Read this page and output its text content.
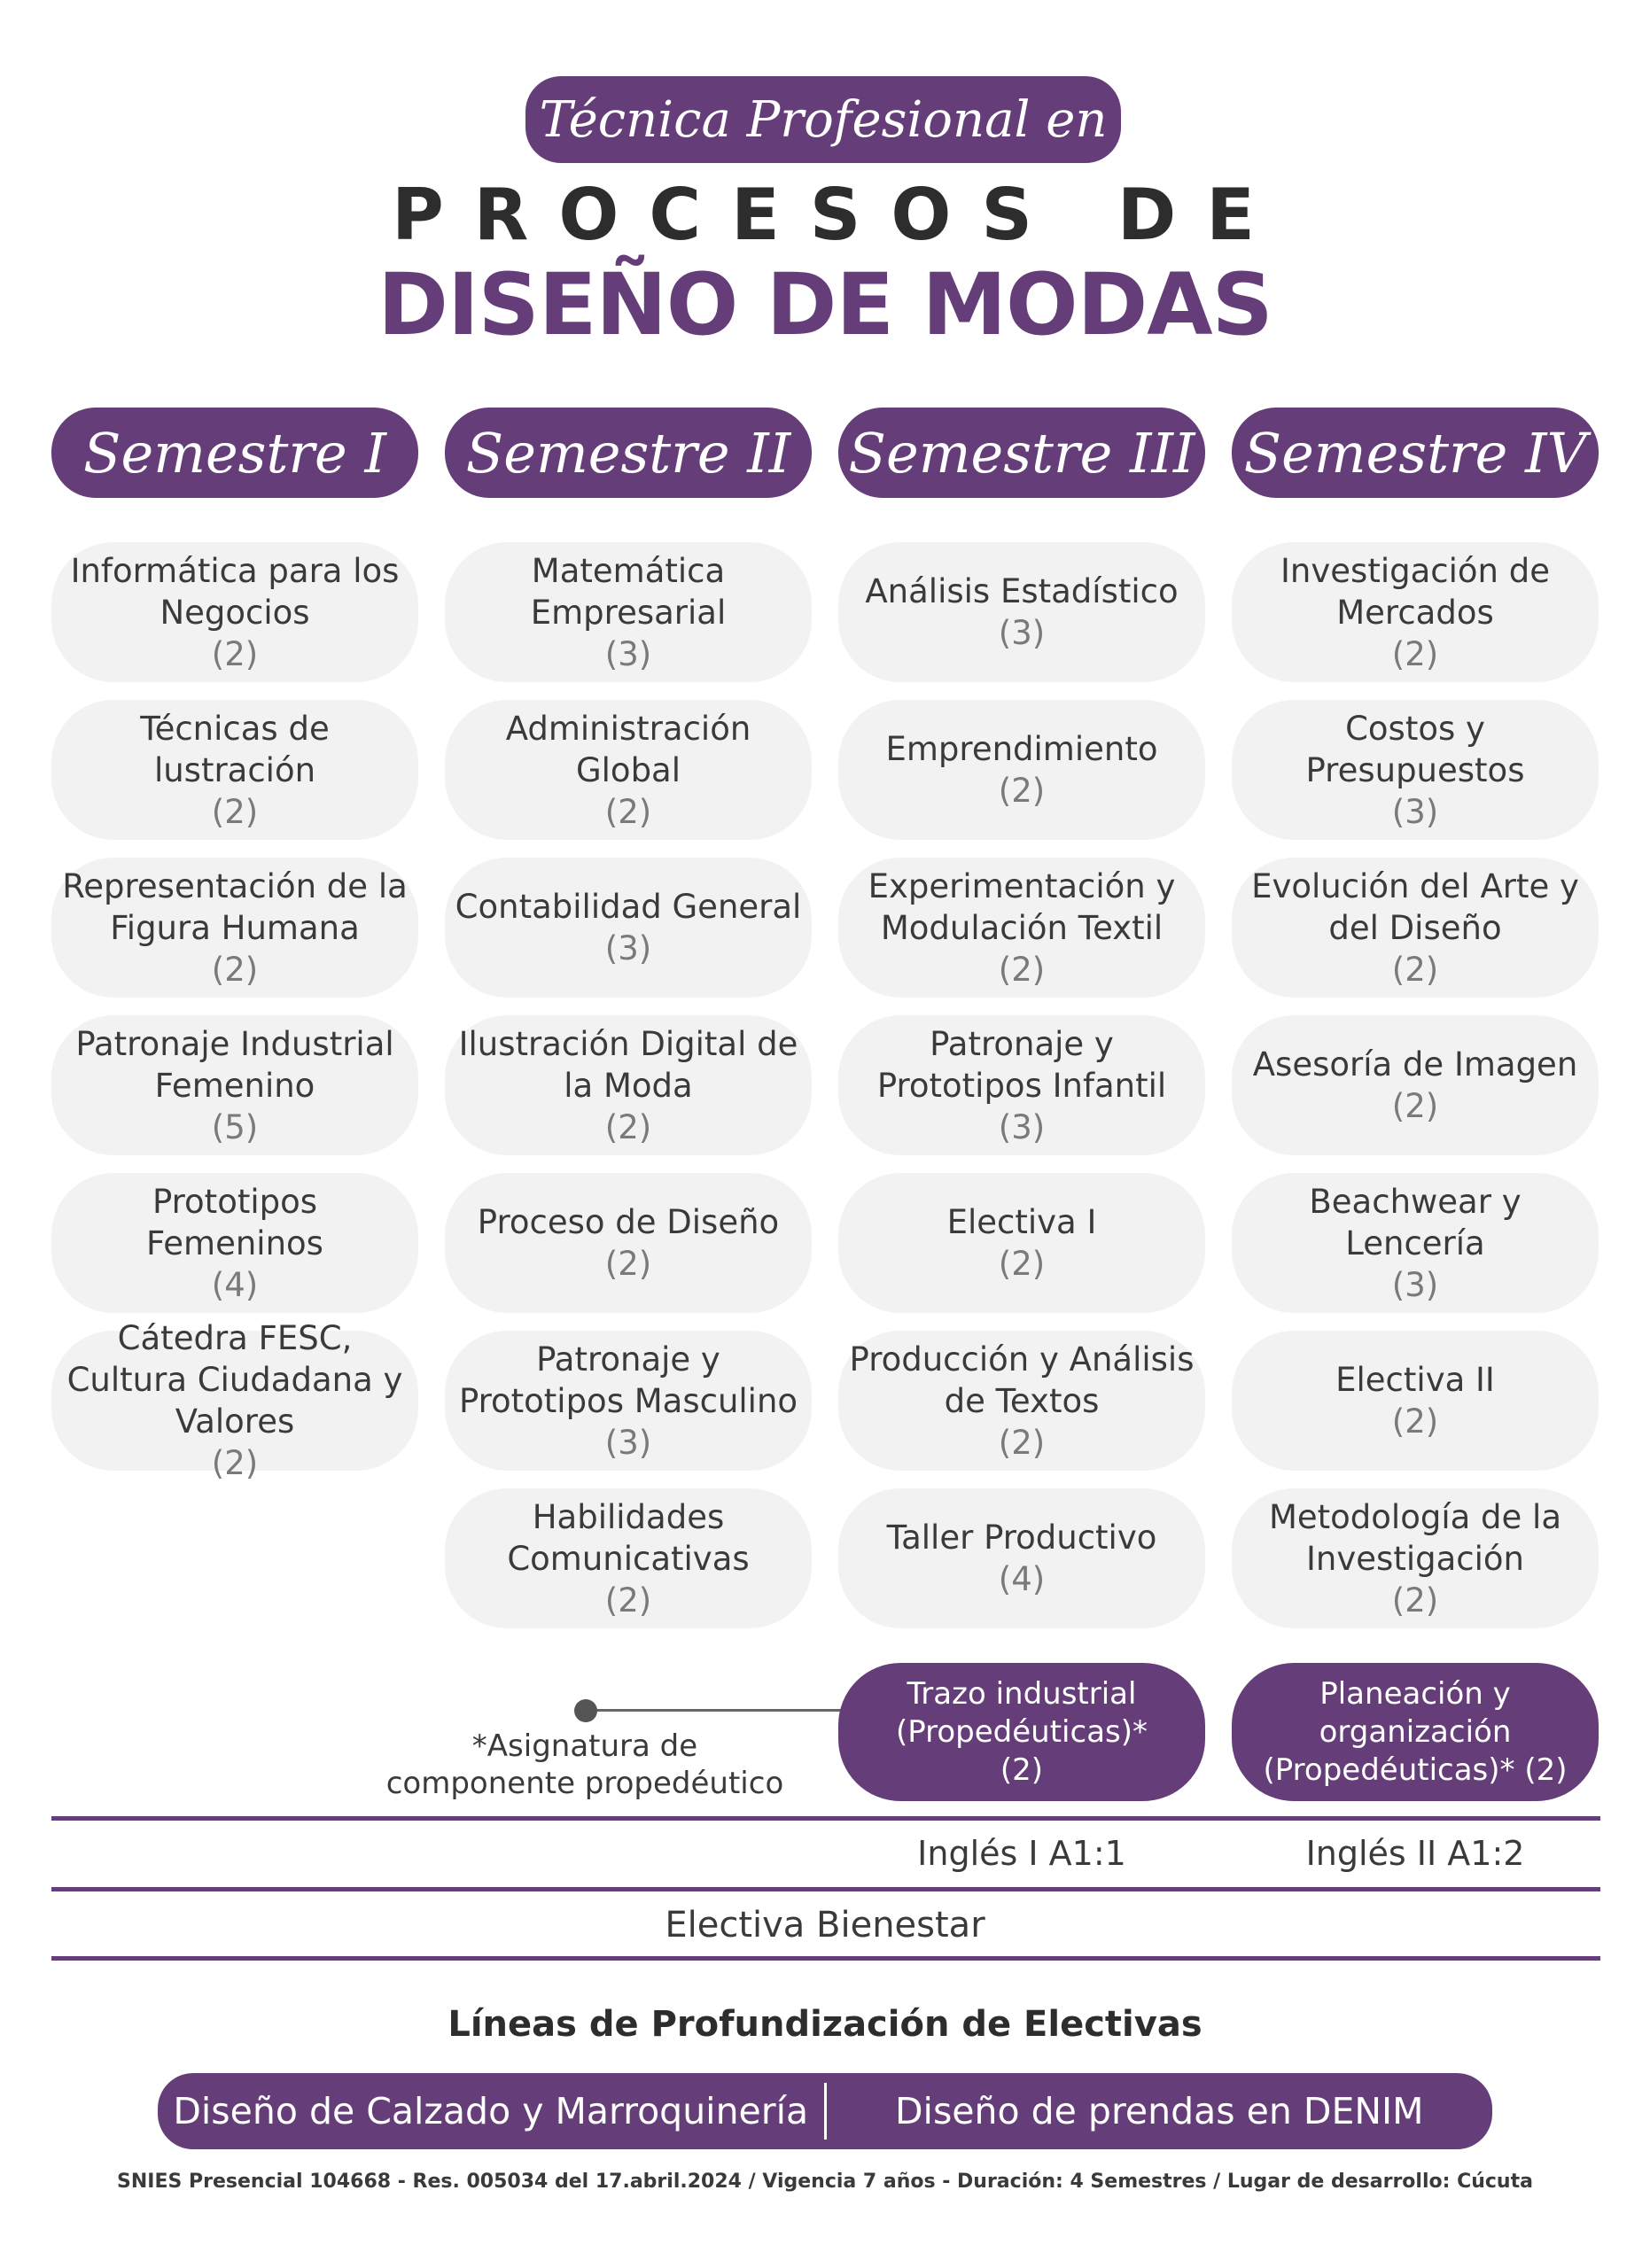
Técnica Profesional en
PROCESOS DE
DISEÑO DE MODAS
Semestre I Semestre II Semestre III Semestre IV
Informática para los Negocios
(2)
Técnicas de lustración
(2)
Representación de la Figura Humana
(2)
Patronaje Industrial Femenino
(5)
Prototipos Femeninos
(4)
Cátedra FESC, Cultura Ciudadana y Valores
(2)
Matemática Empresarial
(3)
Administración Global
(2)
Contabilidad General
(3)
Ilustración Digital de la Moda
(2)
Proceso de Diseño
(2)
Patronaje y Prototipos Masculino
(3)
Habilidades Comunicativas
(2)
Análisis Estadístico
(3)
Emprendimiento
(2)
Experimentación y Modulación Textil
(2)
Patronaje y Prototipos Infantil
(3)
Electiva I
(2)
Producción y Análisis de Textos
(2)
Taller Productivo
(4)
Investigación de Mercados
(2)
Costos y Presupuestos
(3)
Evolución del Arte y del Diseño
(2)
Asesoría de Imagen
(2)
Beachwear y Lencería
(3)
Electiva II
(2)
Metodología de la Investigación
(2)
*Asignatura de
componente propedéutico
Trazo industrial
(Propedéuticas)*
(2)
Planeación y
organización
(Propedéuticas)* (2)
Inglés I A1:1	Inglés II A1:2
Electiva Bienestar
Líneas de Profundización de Electivas
Diseño de Calzado y Marroquinería	Diseño de prendas en DENIM
SNIES Presencial 104668 - Res. 005034 del 17.abril.2024 / Vigencia 7 años - Duración: 4 Semestres / Lugar de desarrollo: Cúcuta
